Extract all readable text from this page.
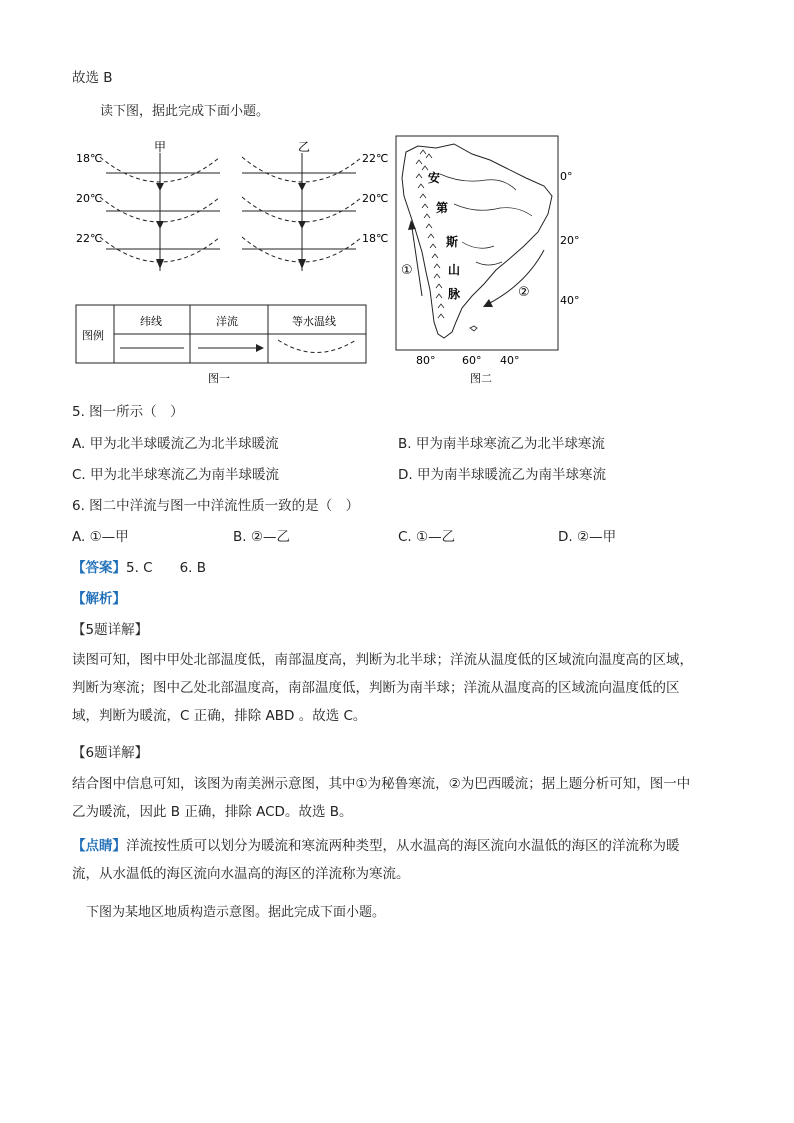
故选 B
读下图，据此完成下面小题。
甲	乙
18℃
20℃
22℃
22℃
20℃
18℃
图例
纬线	洋流	等水温线
图一
安
第
斯
山
脉
①
②
0°
20°
40°
80° 60° 40°
图二
5. 图一所示（　）
A. 甲为北半球暖流乙为北半球暖流	B. 甲为南半球寒流乙为北半球寒流
C. 甲为北半球寒流乙为南半球暖流	D. 甲为南半球暖流乙为南半球寒流
6. 图二中洋流与图一中洋流性质一致的是（　）
A. ①—甲	B. ②—乙	C. ①—乙	D. ②—甲
【答案】5. C　　6. B
【解析】
【5题详解】
读图可知，图中甲处北部温度低，南部温度高，判断为北半球；洋流从温度低的区域流向温度高的区域，
判断为寒流；图中乙处北部温度高，南部温度低，判断为南半球；洋流从温度高的区域流向温度低的区
域，判断为暖流，C 正确，排除 ABD 。故选 C。
【6题详解】
结合图中信息可知，该图为南美洲示意图，其中①为秘鲁寒流，②为巴西暖流；据上题分析可知，图一中
乙为暖流，因此 B 正确，排除 ACD。故选 B。
【点睛】洋流按性质可以划分为暖流和寒流两种类型，从水温高的海区流向水温低的海区的洋流称为暖
流，从水温低的海区流向水温高的海区的洋流称为寒流。
下图为某地区地质构造示意图。据此完成下面小题。
